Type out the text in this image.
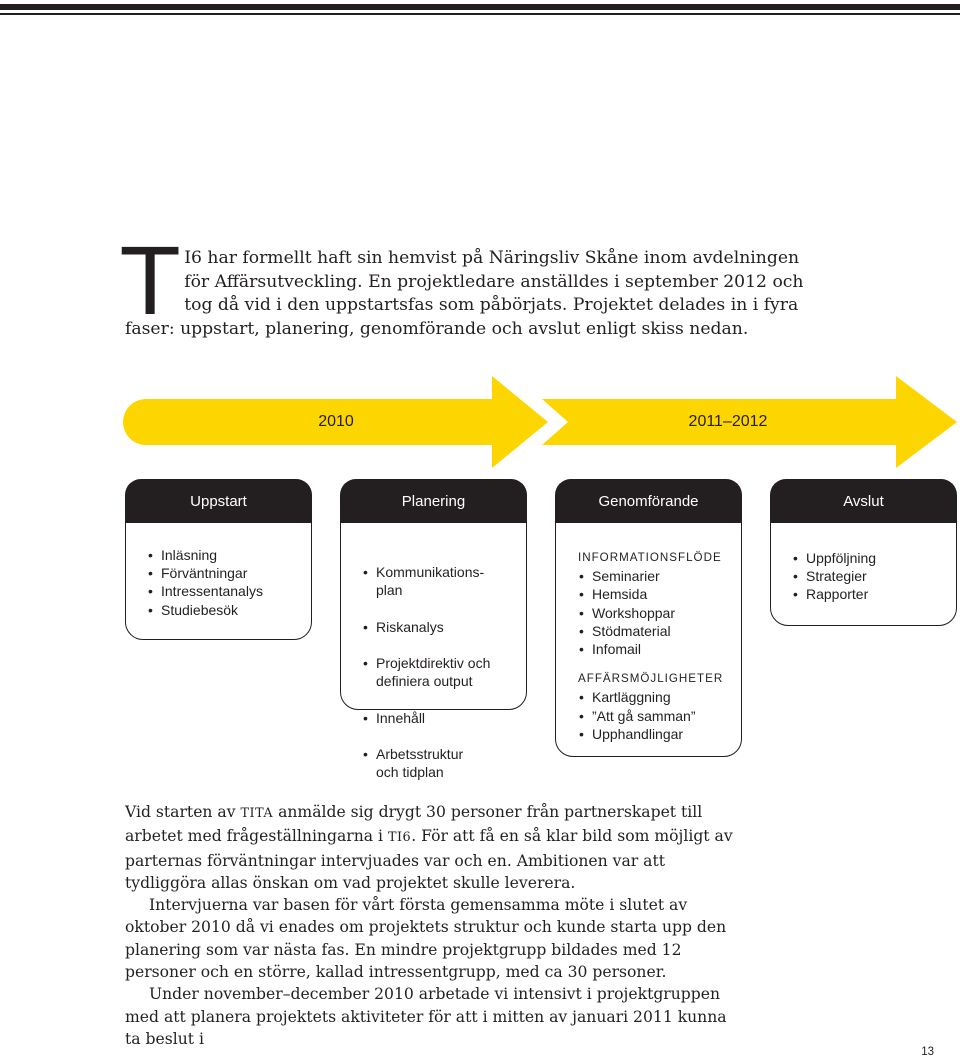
T I6 har formellt haft sin hemvist på Näringsliv Skåne inom avdelningen för Affärsutveckling. En projektledare anställdes i september 2012 och tog då vid i den uppstartsfas som påbörjats. Projektet delades in i fyra faser: uppstart, planering, genomförande och avslut enligt skiss nedan.

2010	2011–2012
Uppstart	Planering	Genomförande	Avslut
• Inläsning
• Förväntningar
• Intressentanalys
• Studiebesök

• Kommunikations-
plan

• Riskanalys

• Projektdirektiv och
definiera output

• Innehåll

• Arbetsstruktur
och tidplan

INFORMATIONSFLÖDE
• Seminarier
• Hemsida
• Workshoppar
• Stödmaterial
• Infomail
AFFÄRSMÖJLIGHETER
• Kartläggning
• ”Att gå samman”
• Upphandlingar
• Uppföljning
• Strategier
• Rapporter

Vid starten av TITA anmälde sig drygt 30 personer från partnerskapet till arbetet med frågeställningarna i TI6. För att få en så klar bild som möjligt av parternas förväntningar intervjuades var och en. Ambitionen var att tydliggöra allas önskan om vad projektet skulle leverera.

Intervjuerna var basen för vårt första gemensamma möte i slutet av oktober 2010 då vi enades om projektets struktur och kunde starta upp den planering som var nästa fas. En mindre projektgrupp bildades med 12 personer och en större, kallad intressentgrupp, med ca 30 personer.

Under november–december 2010 arbetade vi intensivt i projektgruppen med att planera projektets aktiviteter för att i mitten av januari 2011 kunna ta beslut i

13
